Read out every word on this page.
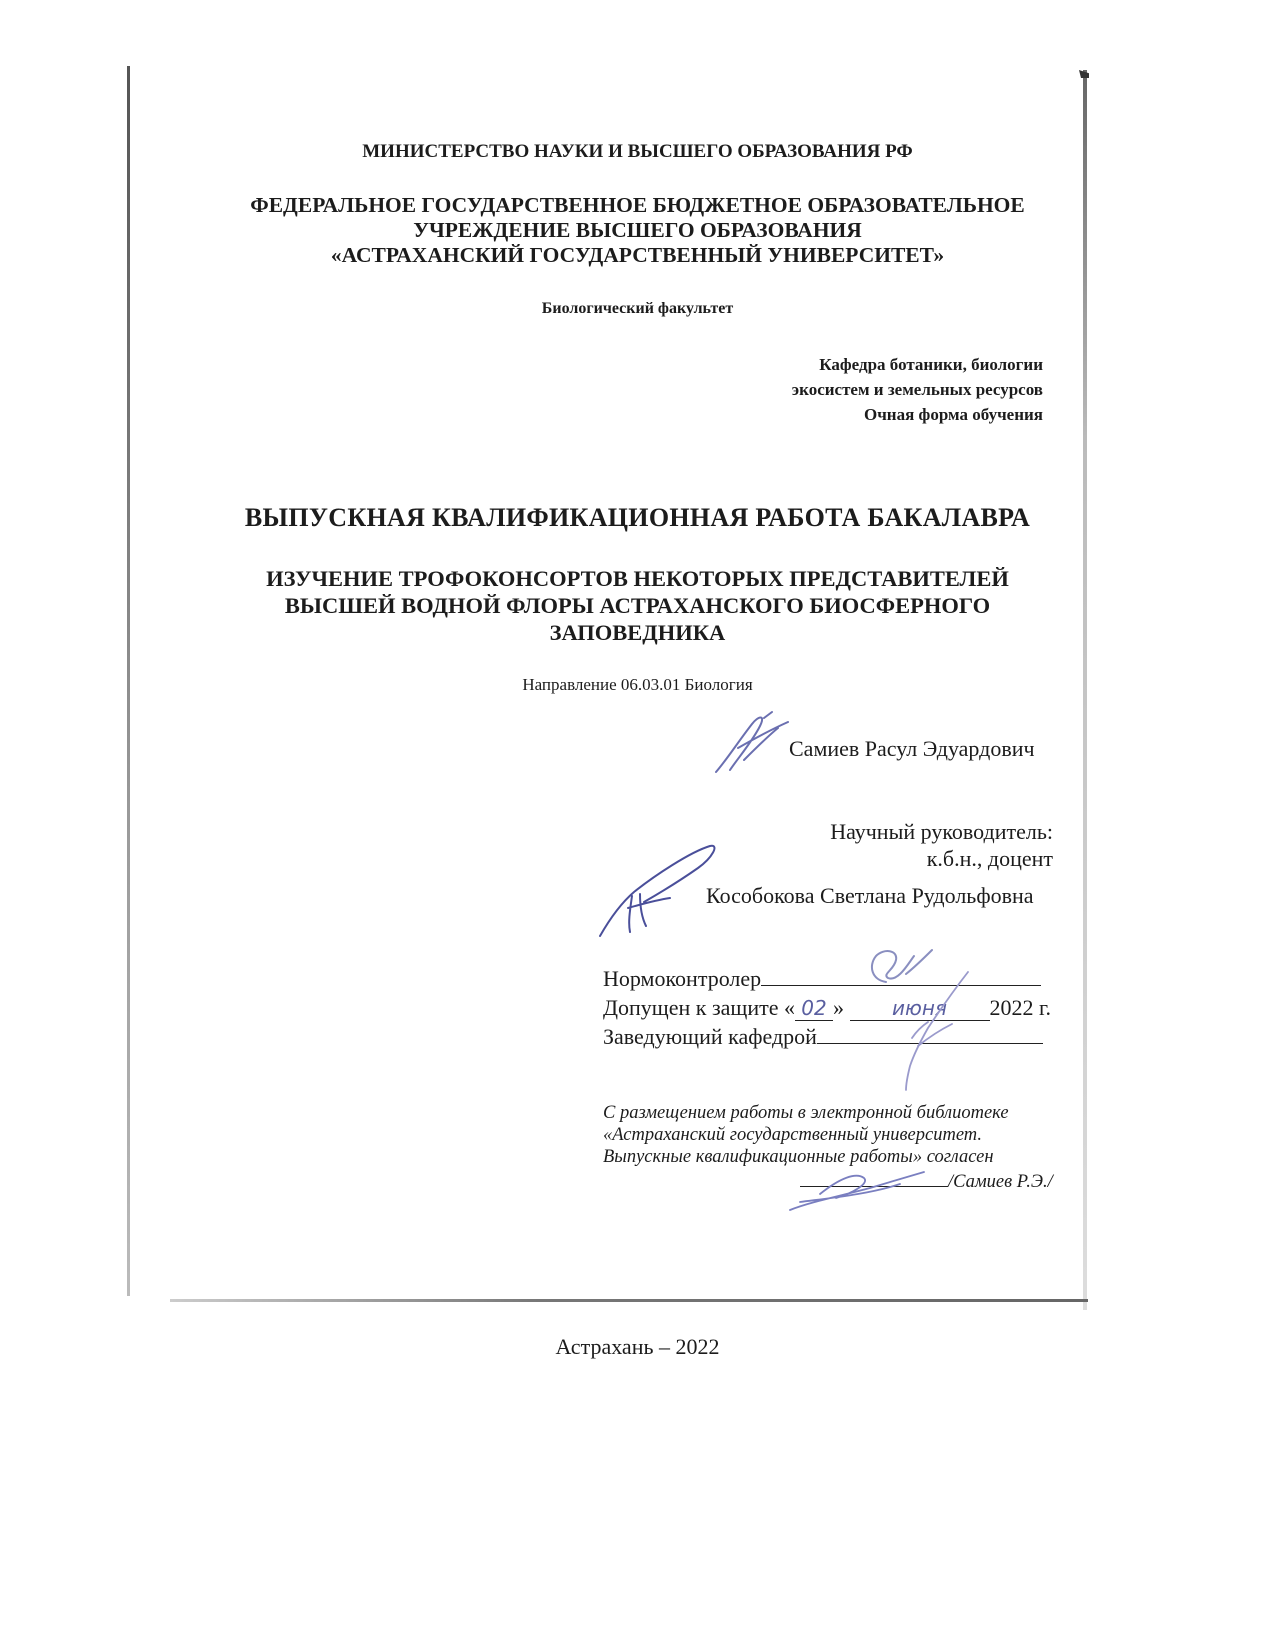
МИНИСТЕРСТВО НАУКИ И ВЫСШЕГО ОБРАЗОВАНИЯ РФ
ФЕДЕРАЛЬНОЕ ГОСУДАРСТВЕННОЕ БЮДЖЕТНОЕ ОБРАЗОВАТЕЛЬНОЕ
УЧРЕЖДЕНИЕ ВЫСШЕГО ОБРАЗОВАНИЯ
«АСТРАХАНСКИЙ ГОСУДАРСТВЕННЫЙ УНИВЕРСИТЕТ»
Биологический факультет
Кафедра ботаники, биологии
экосистем и земельных ресурсов
Очная форма обучения
ВЫПУСКНАЯ КВАЛИФИКАЦИОННАЯ РАБОТА БАКАЛАВРА
ИЗУЧЕНИЕ ТРОФОКОНСОРТОВ НЕКОТОРЫХ ПРЕДСТАВИТЕЛЕЙ
ВЫСШЕЙ ВОДНОЙ ФЛОРЫ АСТРАХАНСКОГО БИОСФЕРНОГО
ЗАПОВЕДНИКА
Направление 06.03.01 Биология
Самиев Расул Эдуардович
Научный руководитель:
к.б.н., доцент
Кособокова Светлана Рудольфовна
Нормоконтролер
Допущен к защите « 02 » июня 2022 г.
Заведующий кафедрой

С размещением работы в электронной библиотеке

«Астраханский государственный университет.

Выпускные квалификационные работы» согласен

/Самиев Р.Э./
Астрахань – 2022
